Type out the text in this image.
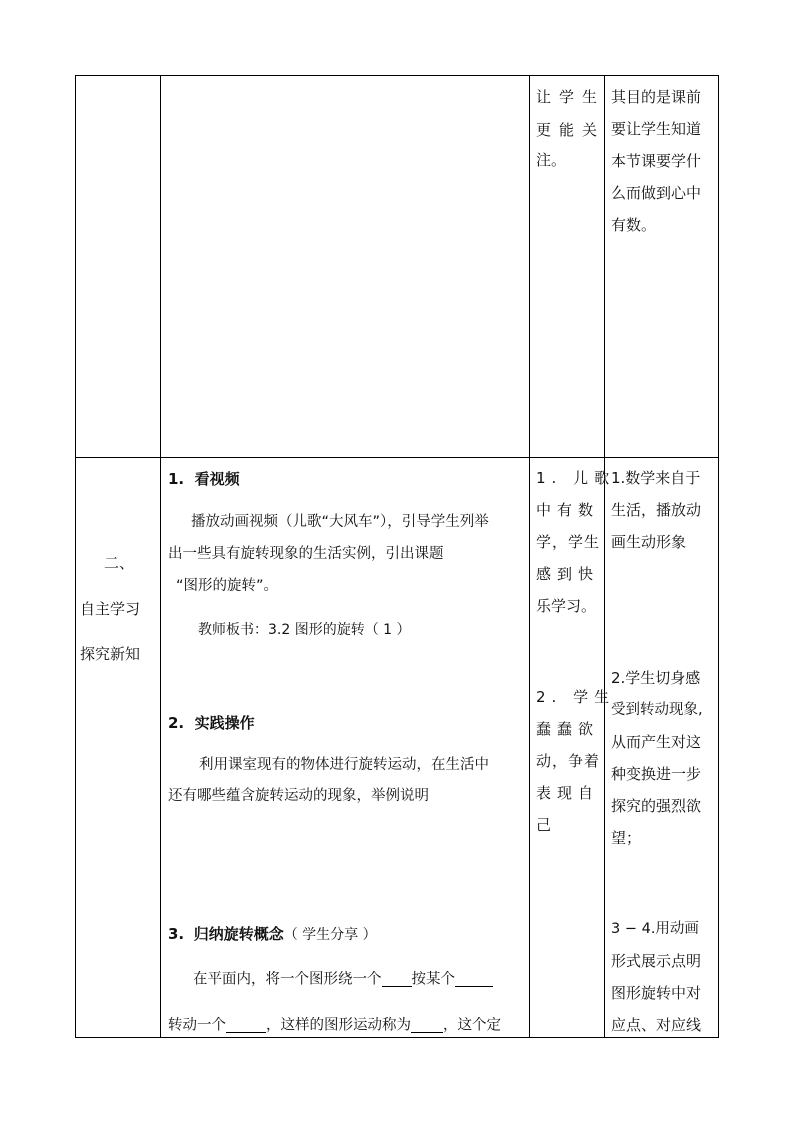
让学生
更能关
注。
其目的是课前
要让学生知道
本节课要学什
么而做到心中
有数。
二、
自主学习
探究新知
1. 看视频
播放动画视频（儿歌“大风车”），引导学生列举
出一些具有旋转现象的生活实例，引出课题
“图形的旋转”。
教师板书：3.2 图形的旋转（ 1 ）
2. 实践操作
利用课室现有的物体进行旋转运动，在生活中
还有哪些蕴含旋转运动的现象，举例说明
3. 归纳旋转概念（ 学生分享 ）
在平面内，将一个图形绕一个 按某个
转动一个	，这样的图形运动称为 ，这个定
1. 儿歌
中有数
学，学生
感到快
乐学习。
2. 学生
蠢蠢欲
动，争着
表现自
己
1.数学来自于
生活，播放动
画生动形象
2.学生切身感
受到转动现象,
从而产生对这
种变换进一步
探究的强烈欲
望；
3 − 4.用动画
形式展示点明
图形旋转中对
应点、对应线
